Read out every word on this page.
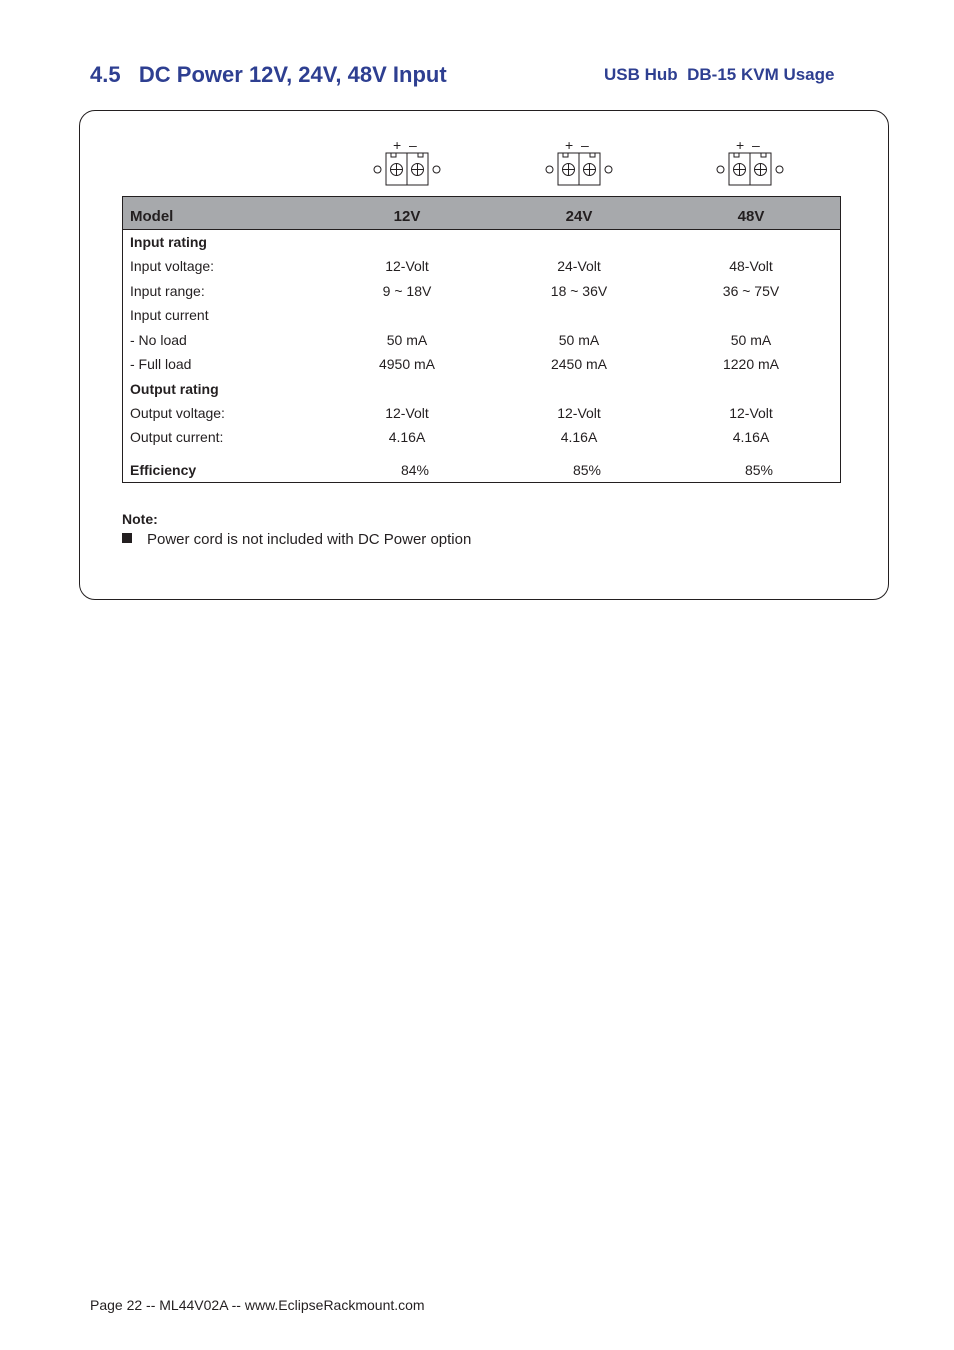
4.5   DC Power 12V, 24V, 48V Input	USB Hub  DB-15 KVM Usage
+ –	+ –	+ –
Model	12V	24V	48V
Input rating
Input voltage:	12-Volt	24-Volt	48-Volt
Input range:	9 ~ 18V	18 ~ 36V	36 ~ 75V
Input current
- No load	50 mA	50 mA	50 mA
- Full load	4950 mA	2450 mA	1220 mA
Output rating
Output voltage:	12-Volt	12-Volt	12-Volt
Output current:	4.16A	4.16A	4.16A
Efficiency	84%	85%	85%
Note:
Power cord is not included with DC Power option
Page 22 -- ML44V02A -- www.EclipseRackmount.com
